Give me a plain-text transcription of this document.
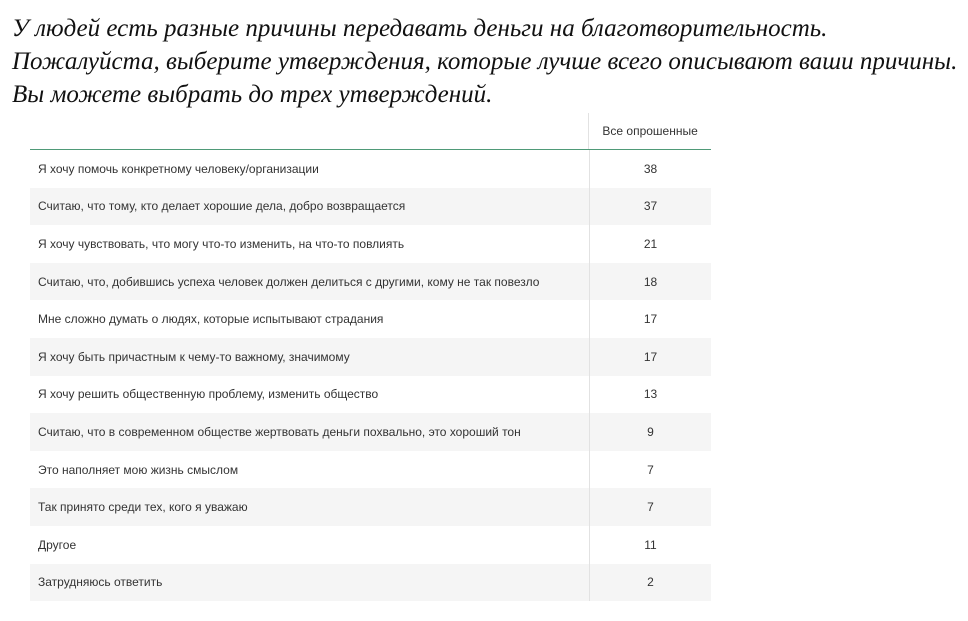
У людей есть разные причины передавать деньги на благотворительность. Пожалуйста, выберите утверждения, которые лучше всего описывают ваши причины. Вы можете выбрать до трех утверждений.

Все опрошенные
Я хочу помочь конкретному человеку/организации	38
Считаю, что тому, кто делает хорошие дела, добро возвращается	37
Я хочу чувствовать, что могу что-то изменить, на что-то повлиять	21
Считаю, что, добившись успеха человек должен делиться с другими, кому не так повезло	18
Мне сложно думать о людях, которые испытывают страдания	17
Я хочу быть причастным к чему-то важному, значимому	17
Я хочу решить общественную проблему, изменить общество	13
Считаю, что в современном обществе жертвовать деньги похвально, это хороший тон	9
Это наполняет мою жизнь смыслом	7
Так принято среди тех, кого я уважаю	7
Другое	11
Затрудняюсь ответить	2
